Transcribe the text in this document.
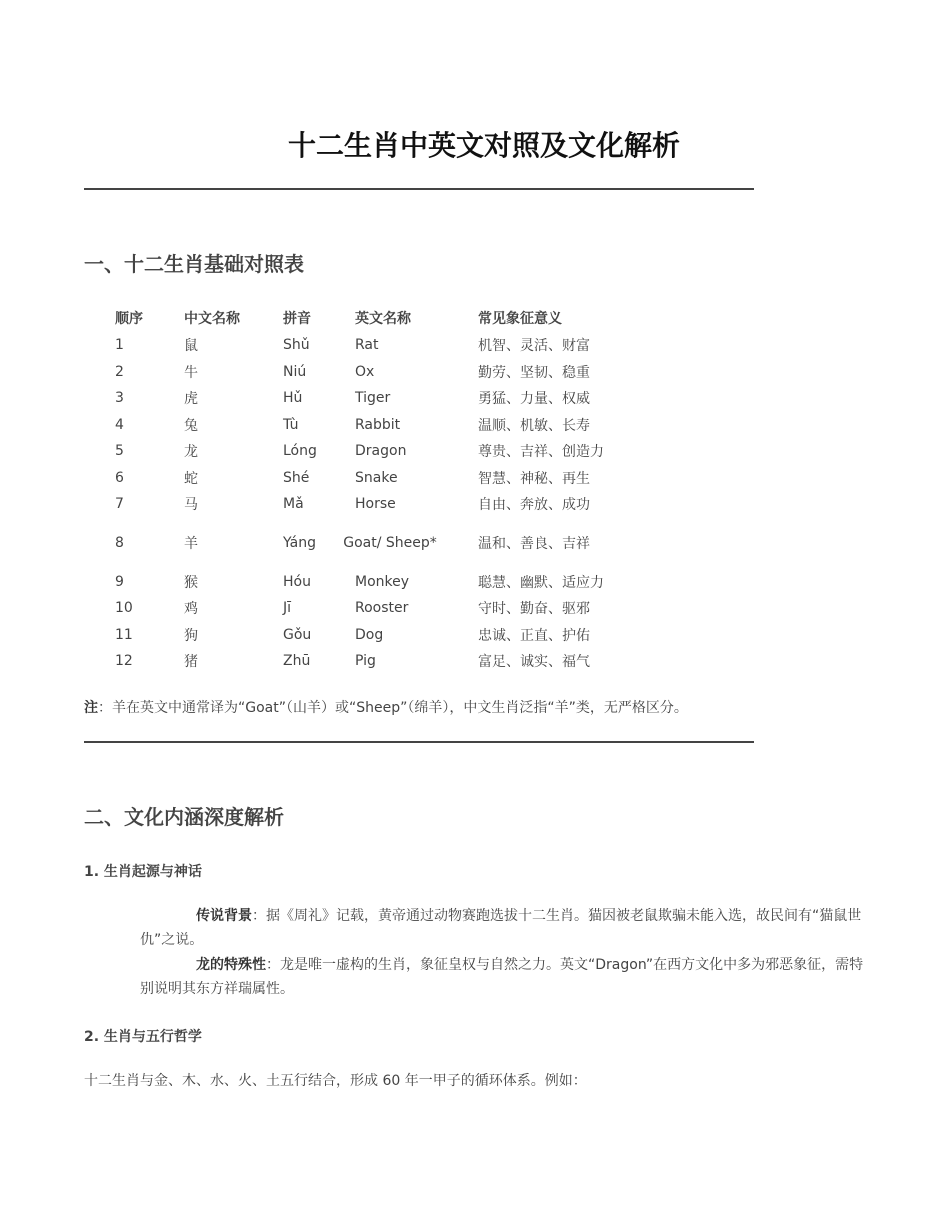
十二生肖中英文对照及文化解析
一、十二生肖基础对照表
顺序	中文名称	拼音	英文名称	常见象征意义
1	鼠	Shǔ	Rat	机智、灵活、财富
2	牛	Niú	Ox	勤劳、坚韧、稳重
3	虎	Hǔ	Tiger	勇猛、力量、权威
4	兔	Tù	Rabbit	温顺、机敏、长寿
5	龙	Lóng	Dragon	尊贵、吉祥、创造力
6	蛇	Shé	Snake	智慧、神秘、再生
7	马	Mǎ	Horse	自由、奔放、成功
8	羊	Yáng	Goat/ Sheep*	温和、善良、吉祥
9	猴	Hóu	Monkey	聪慧、幽默、适应力
10	鸡	Jī	Rooster	守时、勤奋、驱邪
11	狗	Gǒu	Dog	忠诚、正直、护佑
12	猪	Zhū	Pig	富足、诚实、福气

注：羊在英文中通常译为“Goat”（山羊）或“Sheep”（绵羊），中文生肖泛指“羊”类，无严格区分。

二、文化内涵深度解析
1. 生肖起源与神话

传说背景：据《周礼》记载，黄帝通过动物赛跑选拔十二生肖。猫因被老鼠欺骗未能入选，故民间有“猫鼠世仇”之说。

龙的特殊性：龙是唯一虚构的生肖，象征皇权与自然之力。英文“Dragon”在西方文化中多为邪恶象征，需特别说明其东方祥瑞属性。

2. 生肖与五行哲学

十二生肖与金、木、水、火、土五行结合，形成 60 年一甲子的循环体系。例如：
